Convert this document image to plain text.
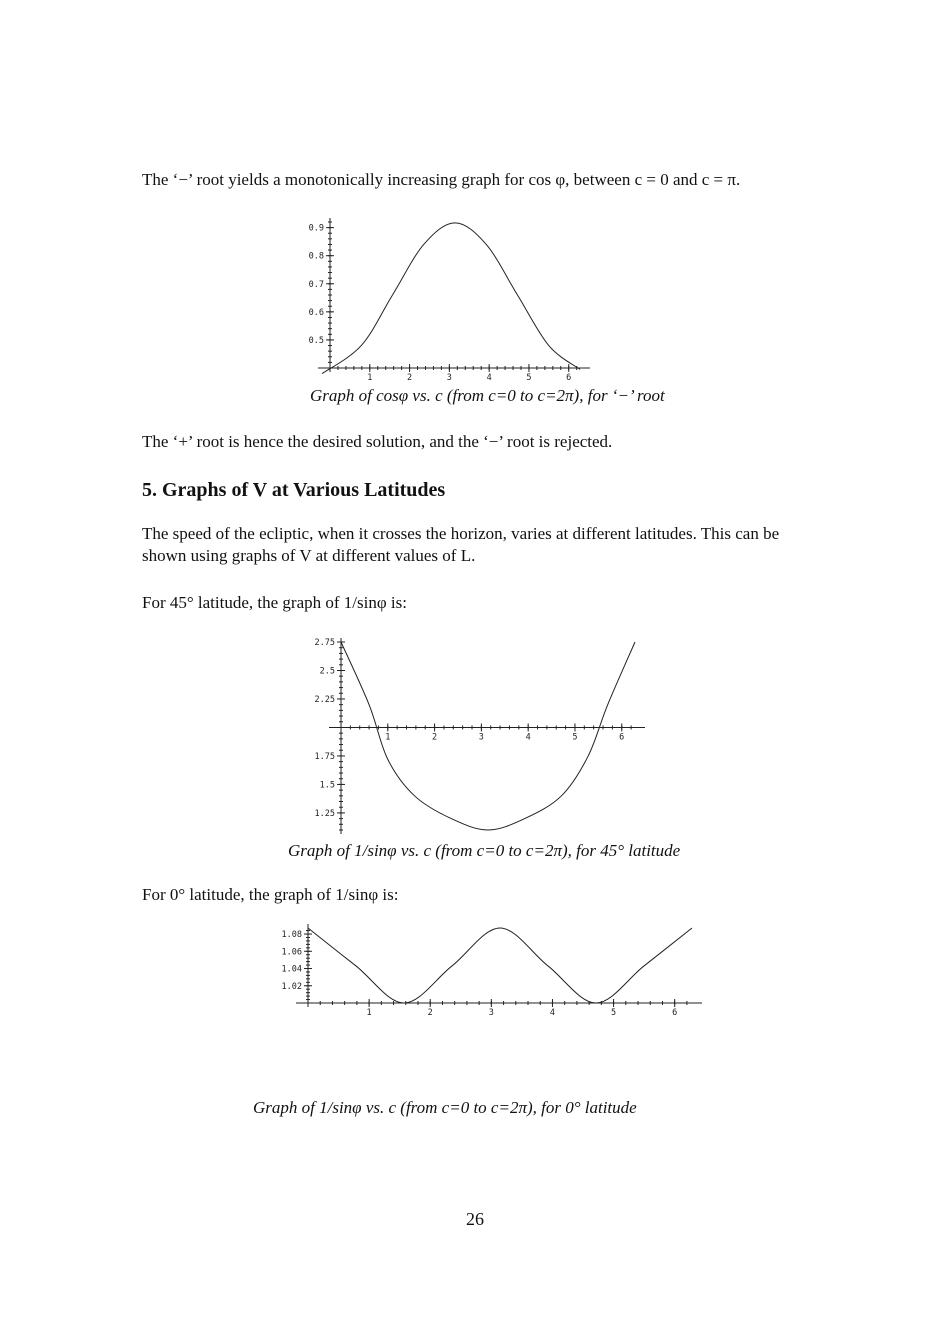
The ‘−’ root yields a monotonically increasing graph for cos φ, between c = 0 and c = π.
1	2	3	4	5	6
0.5
0.6
0.7
0.8
0.9
Graph of cosφ vs. c (from c=0 to c=2π), for ‘−’ root
The ‘+’ root is hence the desired solution, and the ‘−’ root is rejected.
5. Graphs of V at Various Latitudes
The speed of the ecliptic, when it crosses the horizon, varies at different latitudes. This can be shown using graphs of V at different values of L.
For 45° latitude, the graph of 1/sinφ is:
1	2	3	4	5	6
1.25
1.5
1.75
2.25
2.5
2.75
Graph of 1/sinφ vs. c (from c=0 to c=2π), for 45° latitude
For 0° latitude, the graph of 1/sinφ is:
1	2	3	4	5	6
1.02
1.04
1.06
1.08
Graph of 1/sinφ vs. c (from c=0 to c=2π), for 0° latitude
26
